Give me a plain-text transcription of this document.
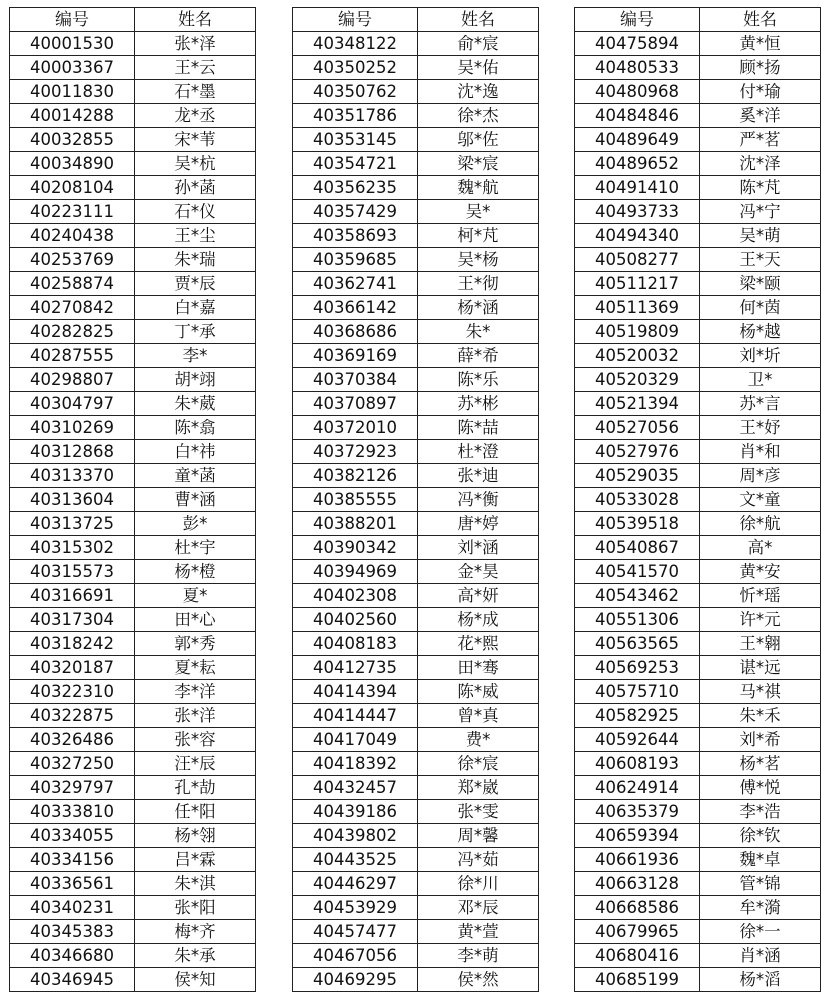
编号	姓名
40001530	张*泽
40003367	王*云
40011830	石*墨
40014288	龙*丞
40032855	宋*苇
40034890	吴*杭
40208104	孙*菡
40223111	石*仪
40240438	王*尘
40253769	朱*瑞
40258874	贾*辰
40270842	白*嘉
40282825	丁*承
40287555	李*
40298807	胡*翊
40304797	朱*葳
40310269	陈*翕
40312868	白*祎
40313370	童*菡
40313604	曹*涵
40313725	彭*
40315302	杜*宇
40315573	杨*橙
40316691	夏*
40317304	田*心
40318242	郭*秀
40320187	夏*耘
40322310	李*洋
40322875	张*洋
40326486	张*容
40327250	汪*辰
40329797	孔*劼
40333810	任*阳
40334055	杨*翎
40334156	吕*霖
40336561	朱*淇
40340231	张*阳
40345383	梅*齐
40346680	朱*承
40346945	侯*知
编号	姓名
40348122	俞*宸
40350252	吴*佑
40350762	沈*逸
40351786	徐*杰
40353145	邬*佐
40354721	梁*宸
40356235	魏*航
40357429	吴*
40358693	柯*芃
40359685	吴*杨
40362741	王*彻
40366142	杨*涵
40368686	朱*
40369169	薛*希
40370384	陈*乐
40370897	苏*彬
40372010	陈*喆
40372923	杜*澄
40382126	张*迪
40385555	冯*衡
40388201	唐*婷
40390342	刘*涵
40394969	金*昊
40402308	高*妍
40402560	杨*成
40408183	花*熙
40412735	田*骞
40414394	陈*威
40414447	曾*真
40417049	费*
40418392	徐*宸
40432457	郑*崴
40439186	张*雯
40439802	周*馨
40443525	冯*茹
40446297	徐*川
40453929	邓*辰
40457477	黄*萱
40467056	李*萌
40469295	侯*然
编号	姓名
40475894	黄*恒
40480533	顾*扬
40480968	付*瑜
40484846	奚*洋
40489649	严*茗
40489652	沈*泽
40491410	陈*芃
40493733	冯*宁
40494340	吴*萌
40508277	王*天
40511217	梁*颐
40511369	何*茵
40519809	杨*越
40520032	刘*圻
40520329	卫*
40521394	苏*言
40527056	王*妤
40527976	肖*和
40529035	周*彦
40533028	文*童
40539518	徐*航
40540867	高*
40541570	黄*安
40543462	忻*瑶
40551306	许*元
40563565	王*翱
40569253	谌*远
40575710	马*祺
40582925	朱*禾
40592644	刘*希
40608193	杨*茗
40624914	傅*悦
40635379	李*浩
40659394	徐*钦
40661936	魏*卓
40663128	管*锦
40668586	牟*漪
40679965	徐*一
40680416	肖*涵
40685199	杨*滔
